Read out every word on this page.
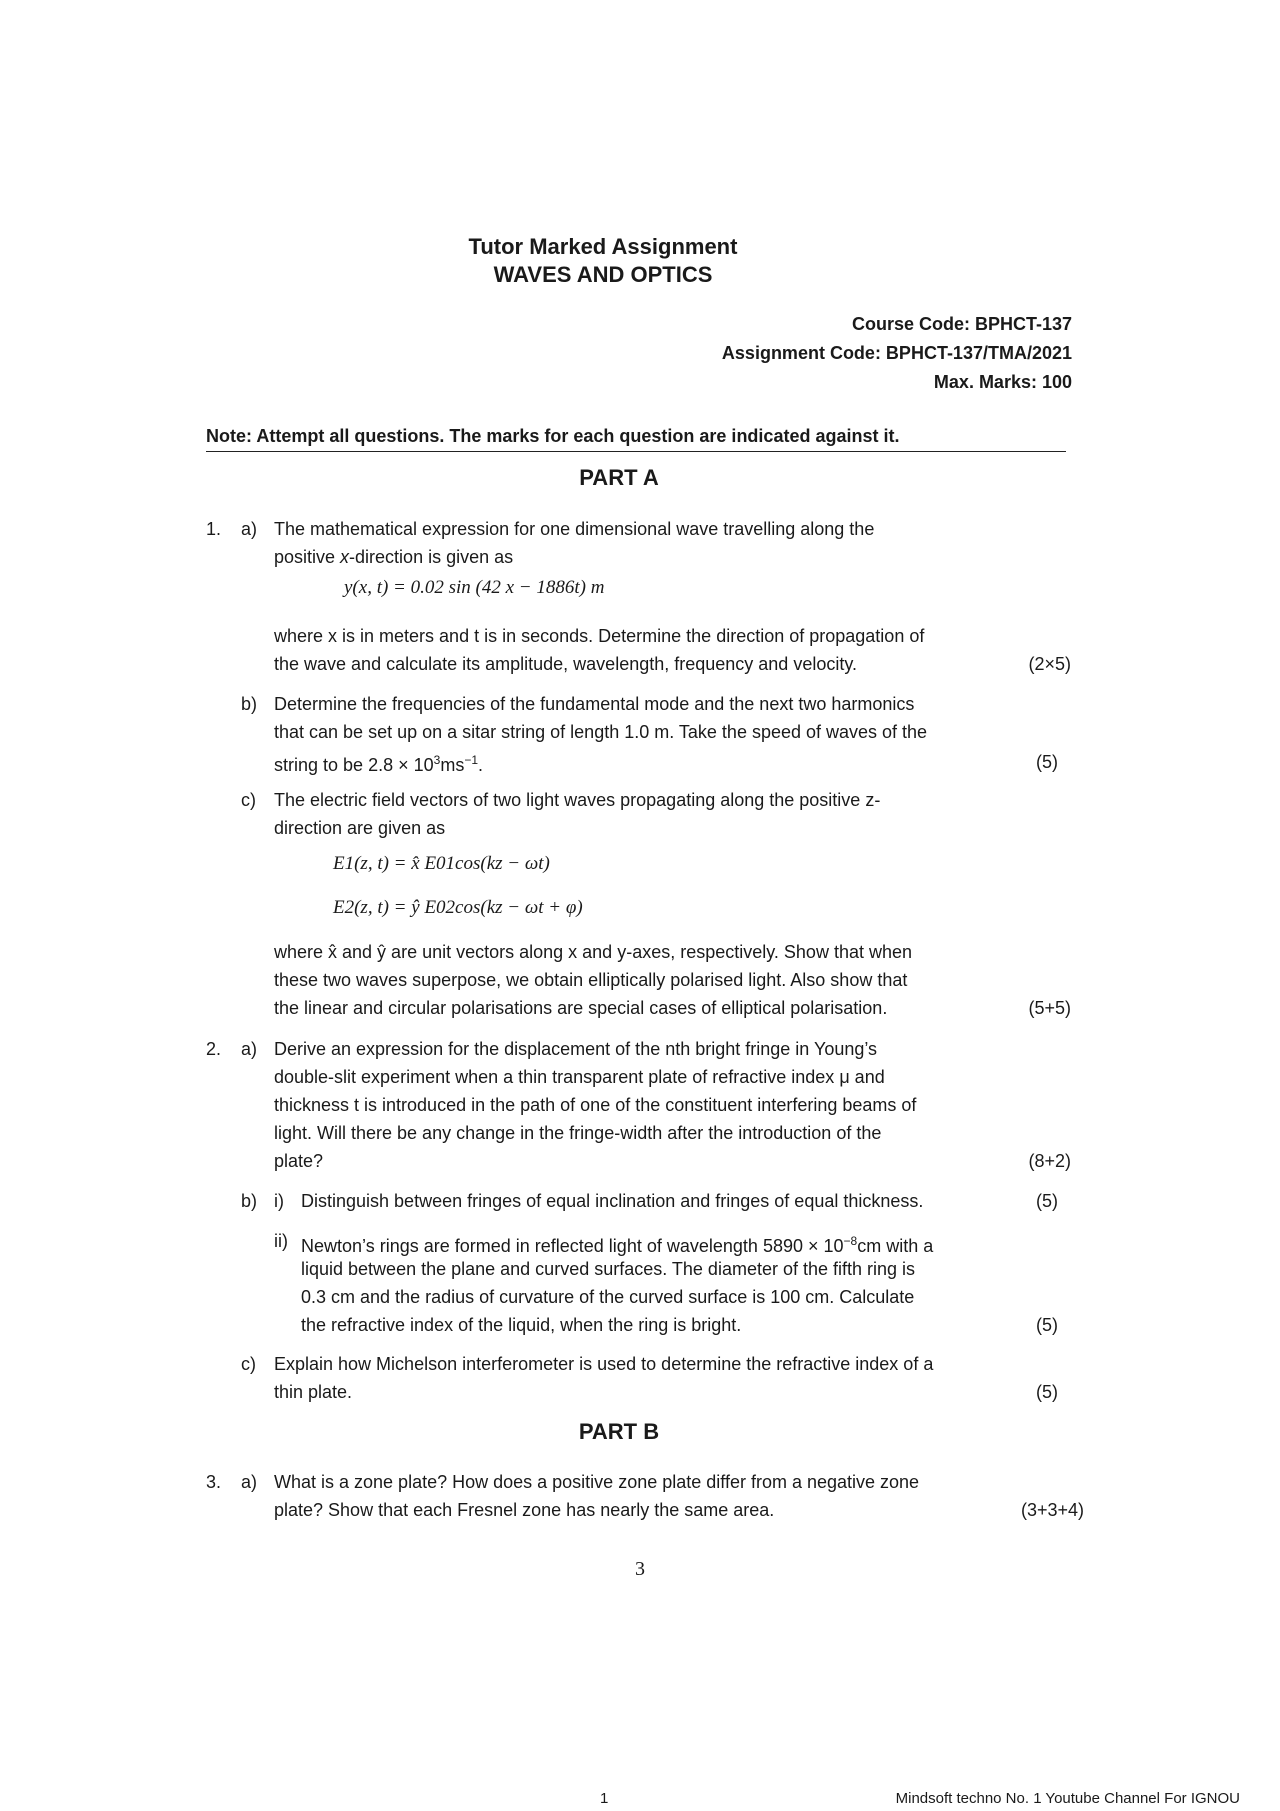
Tutor Marked Assignment
WAVES AND OPTICS
Course Code: BPHCT-137
Assignment Code: BPHCT-137/TMA/2021
Max. Marks: 100
Note: Attempt all questions. The marks for each question are indicated against it.
PART A
1. a) The mathematical expression for one dimensional wave travelling along the
positive x-direction is given as
y(x, t) = 0.02 sin (42 x − 1886t) m
where x is in meters and t is in seconds. Determine the direction of propagation of
the wave and calculate its amplitude, wavelength, frequency and velocity.	(2×5)
b) Determine the frequencies of the fundamental mode and the next two harmonics
that can be set up on a sitar string of length 1.0 m. Take the speed of waves of the
string to be $2.8 \times 10^3ms^{-1}$.	(5)
c) The electric field vectors of two light waves propagating along the positive z-
direction are given as
E1(z, t) = x̂ E01cos(kz − ωt)
E2(z, t) = ŷ E02cos(kz − ωt + φ)
where x̂ and ŷ are unit vectors along x and y-axes, respectively. Show that when
these two waves superpose, we obtain elliptically polarised light. Also show that
the linear and circular polarisations are special cases of elliptical polarisation.	(5+5)
2. a) Derive an expression for the displacement of the nth bright fringe in Young’s
double-slit experiment when a thin transparent plate of refractive index μ and
thickness t is introduced in the path of one of the constituent interfering beams of
light. Will there be any change in the fringe-width after the introduction of the
plate?	(8+2)
b) i) Distinguish between fringes of equal inclination and fringes of equal thickness.	(5)
ii) Newton’s rings are formed in reflected light of wavelength $5890 \times 10^{-8}cm$ with a
liquid between the plane and curved surfaces. The diameter of the fifth ring is
0.3 cm and the radius of curvature of the curved surface is 100 cm. Calculate
the refractive index of the liquid, when the ring is bright.	(5)
c) Explain how Michelson interferometer is used to determine the refractive index of a
thin plate.	(5)
PART B
3. a) What is a zone plate? How does a positive zone plate differ from a negative zone
plate? Show that each Fresnel zone has nearly the same area.	(3+3+4)
3
1	Mindsoft techno No. 1 Youtube Channel For IGNOU
